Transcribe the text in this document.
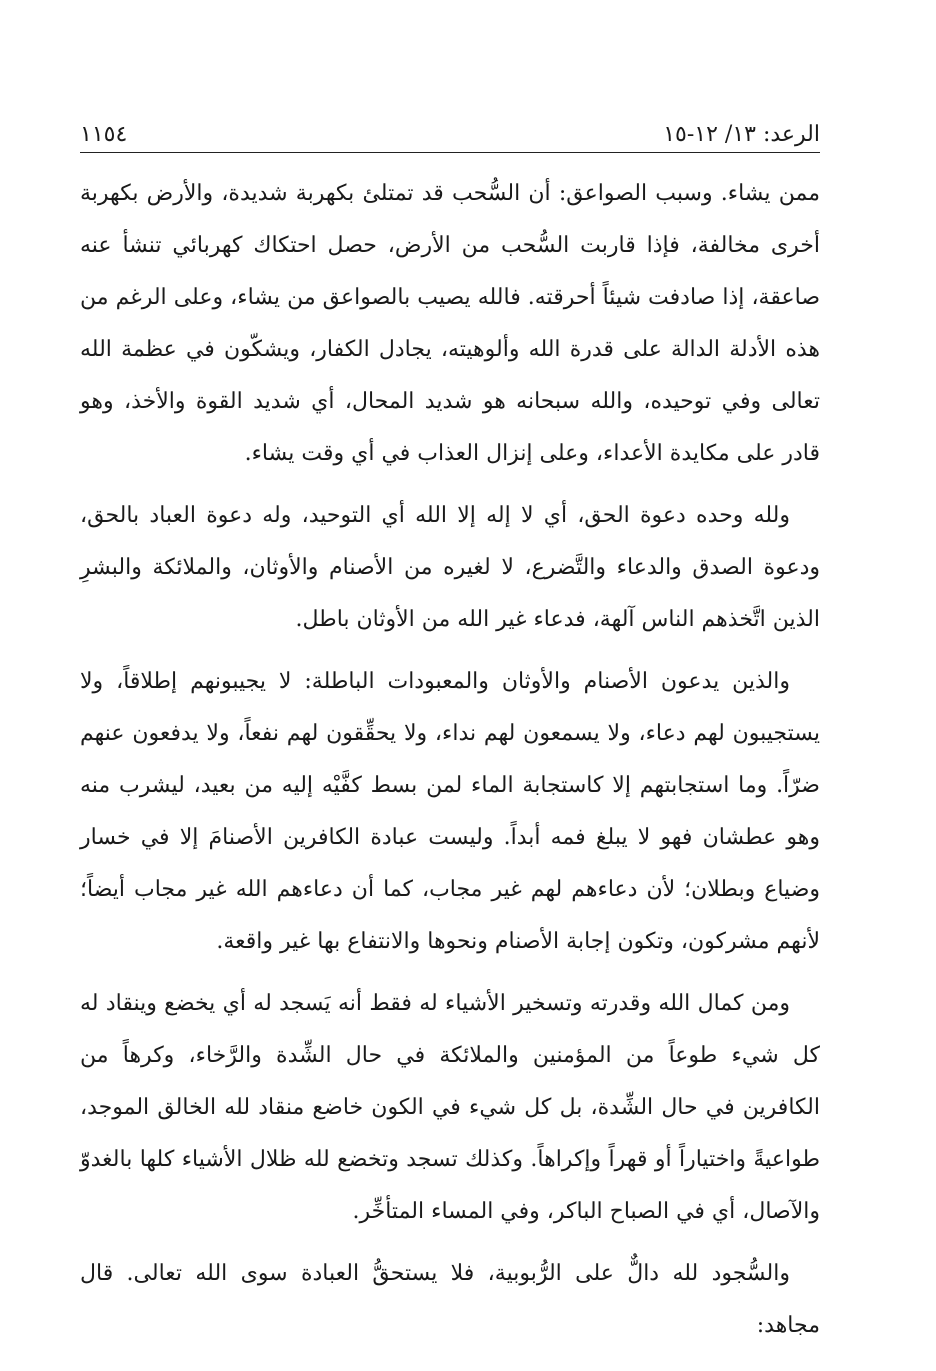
الرعد: ١٣/ ١٢-١٥
١١٥٤

ممن يشاء. وسبب الصواعق: أن السُّحب قد تمتلئ بكهربة شديدة، والأرض بكهربة أخرى مخالفة، فإذا قاربت السُّحب من الأرض، حصل احتكاك كهربائي تنشأ عنه صاعقة، إذا صادفت شيئاً أحرقته. فالله يصيب بالصواعق من يشاء، وعلى الرغم من هذه الأدلة الدالة على قدرة الله وألوهيته، يجادل الكفار، ويشكّون في عظمة الله تعالى وفي توحيده، والله سبحانه هو شديد المحال، أي شديد القوة والأخذ، وهو قادر على مكايدة الأعداء، وعلى إنزال العذاب في أي وقت يشاء.

ولله وحده دعوة الحق، أي لا إله إلا الله أي التوحيد، وله دعوة العباد بالحق، ودعوة الصدق والدعاء والتَّضرع، لا لغيره من الأصنام والأوثان، والملائكة والبشرِ الذين اتَّخذهم الناس آلهة، فدعاء غير الله من الأوثان باطل.

والذين يدعون الأصنام والأوثان والمعبودات الباطلة: لا يجيبونهم إطلاقاً، ولا يستجيبون لهم دعاء، ولا يسمعون لهم نداء، ولا يحقِّقون لهم نفعاً، ولا يدفعون عنهم ضرّاً. وما استجابتهم إلا كاستجابة الماء لمن بسط كفَّيْه إليه من بعيد، ليشرب منه وهو عطشان فهو لا يبلغ فمه أبداً. وليست عبادة الكافرين الأصنامَ إلا في خسار وضياع وبطلان؛ لأن دعاءهم لهم غير مجاب، كما أن دعاءهم الله غير مجاب أيضاً؛ لأنهم مشركون، وتكون إجابة الأصنام ونحوها والانتفاع بها غير واقعة.

ومن كمال الله وقدرته وتسخير الأشياء له فقط أنه يَسجد له أي يخضع وينقاد له كل شيء طوعاً من المؤمنين والملائكة في حال الشِّدة والرَّخاء، وكرهاً من الكافرين في حال الشِّدة، بل كل شيء في الكون خاضع منقاد لله الخالق الموجد، طواعيةً واختياراً أو قهراً وإكراهاً. وكذلك تسجد وتخضع لله ظلال الأشياء كلها بالغدوّ والآصال، أي في الصباح الباكر، وفي المساء المتأخِّر.

والسُّجود لله دالٌّ على الرُّبوبية، فلا يستحقُّ العبادة سوى الله تعالى. قال مجاهد:
